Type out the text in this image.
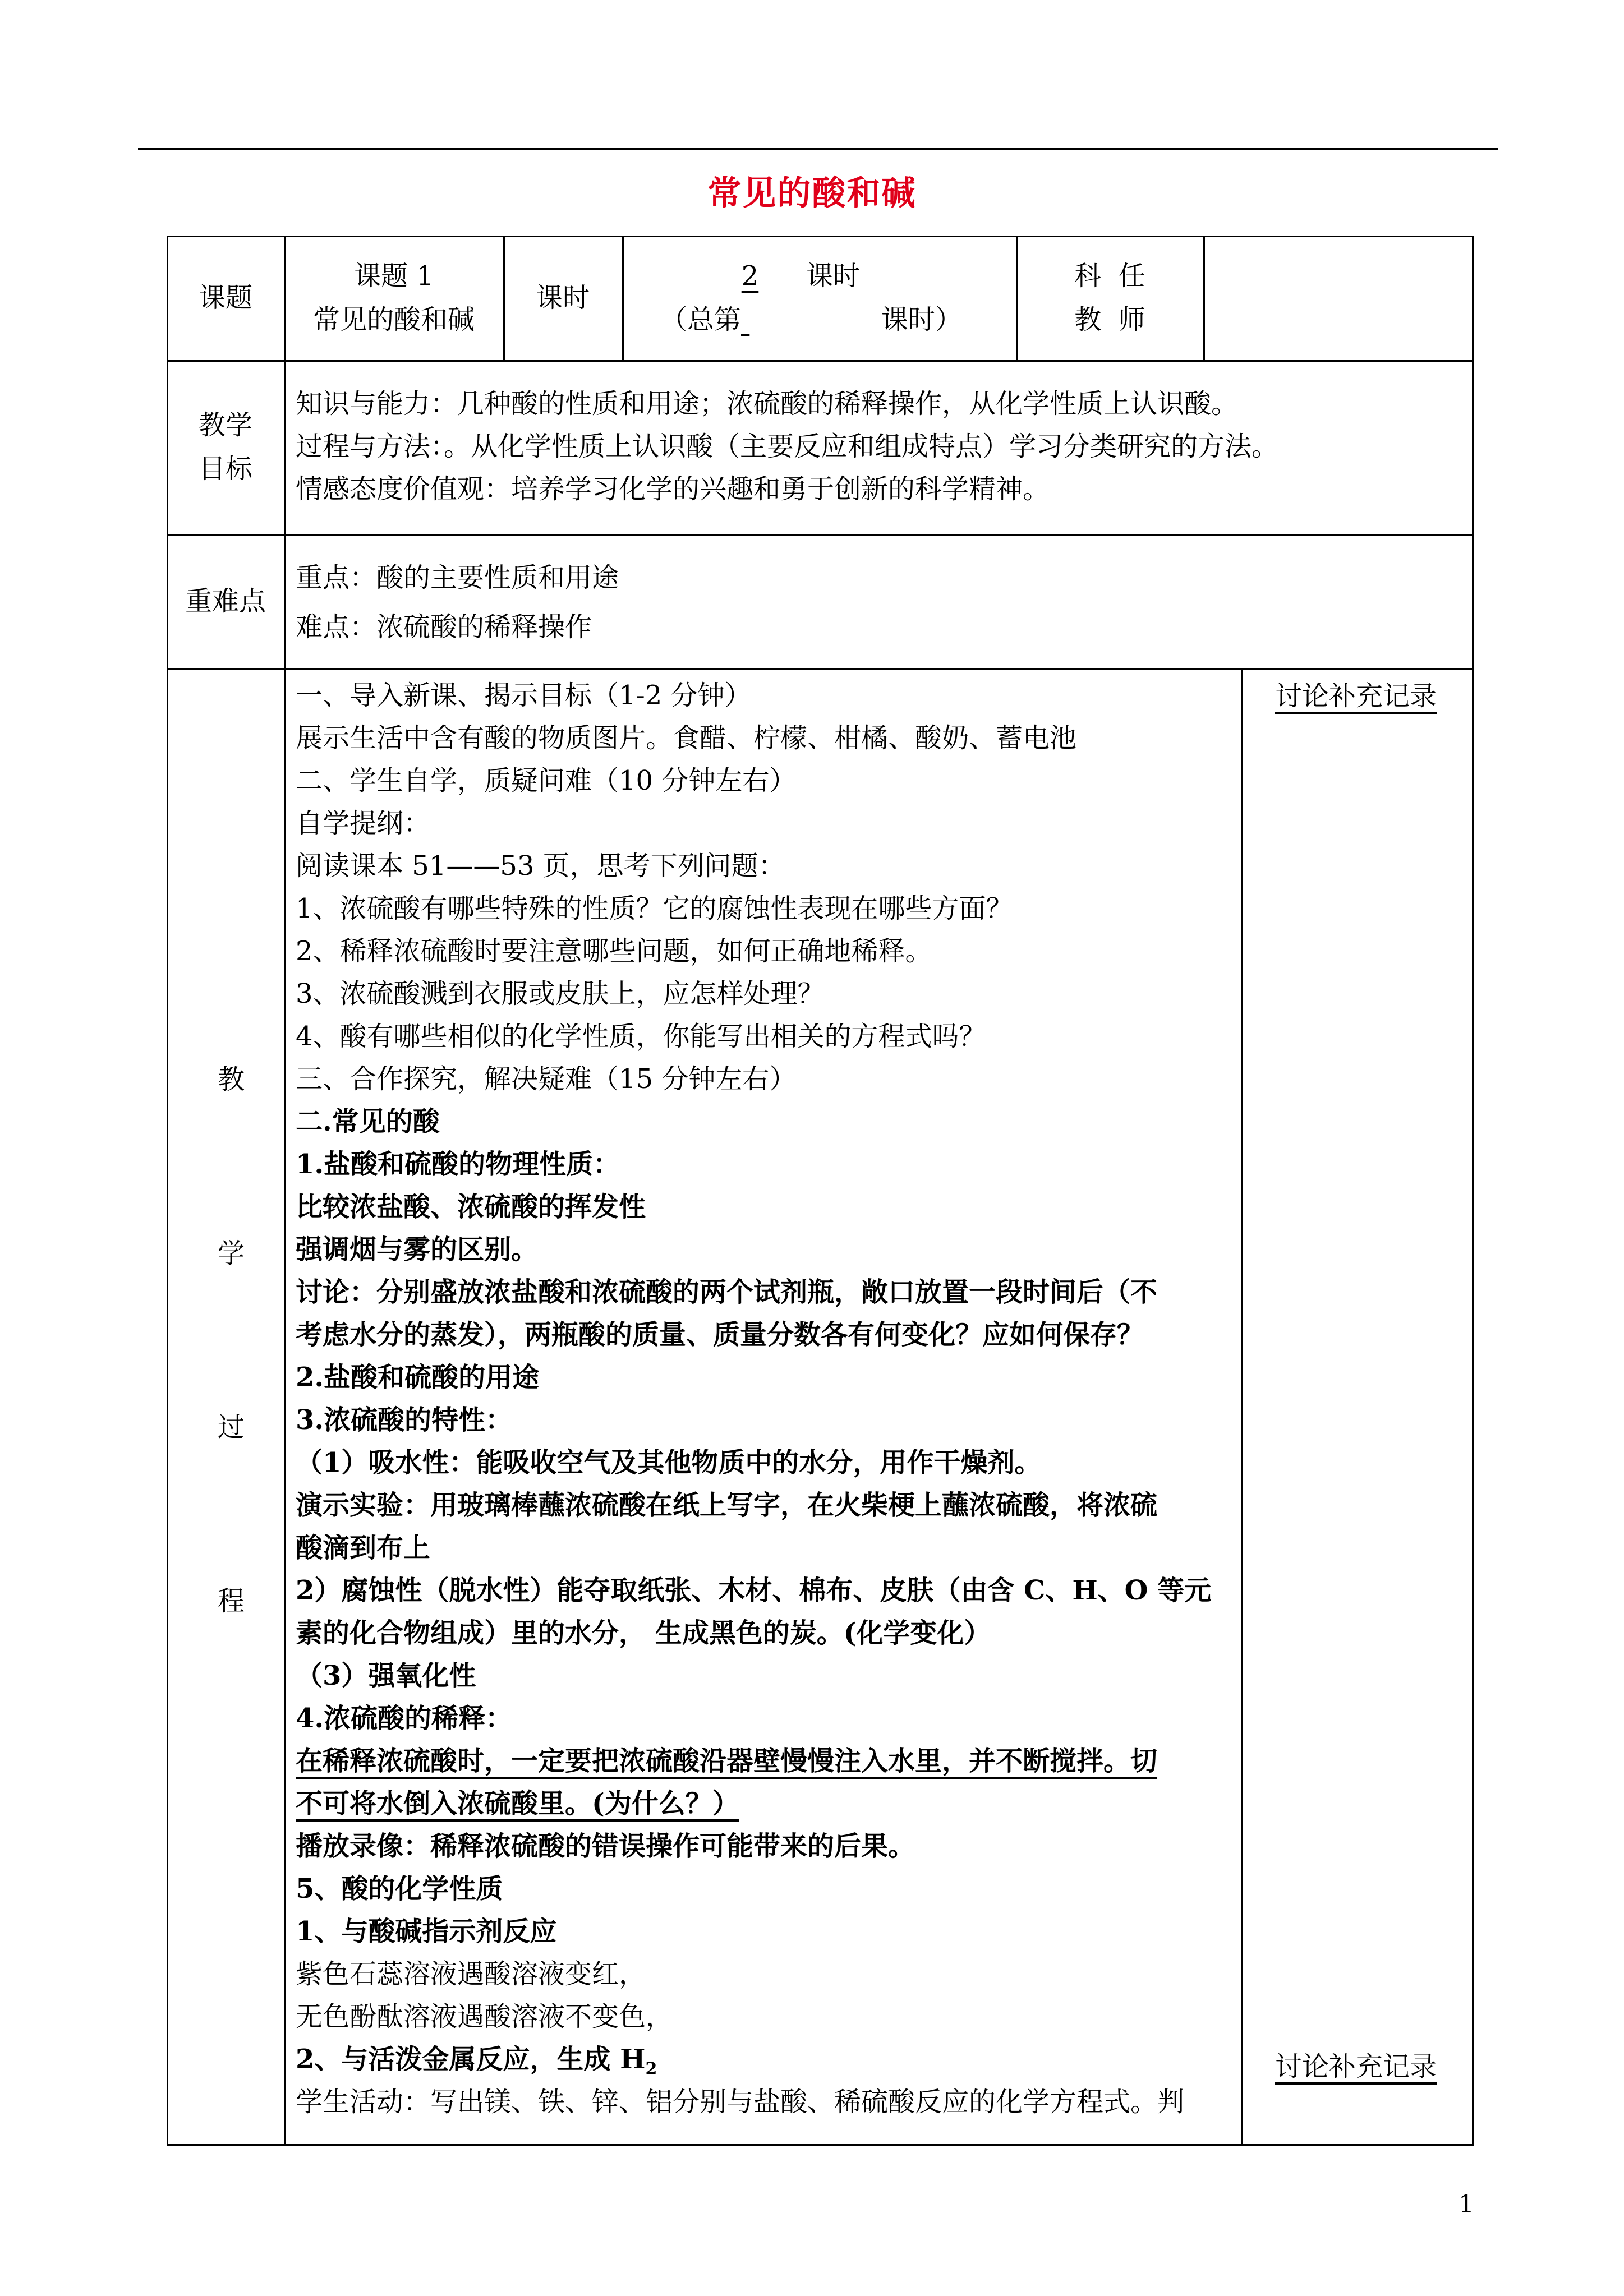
常见的酸和碱
课题
课题 1
常见的酸和碱
课时
2 课时
（总第	课时）
科  任
教  师
教学
目标
知识与能力：几种酸的性质和用途；浓硫酸的稀释操作，从化学性质上认识酸。
过程与方法：。从化学性质上认识酸（主要反应和组成特点）学习分类研究的方法。
情感态度价值观：培养学习化学的兴趣和勇于创新的科学精神。
重难点
重点：酸的主要性质和用途
难点：浓硫酸的稀释操作
教
学
过
程
讨论补充记录
讨论补充记录
一、导入新课、揭示目标（1-2 分钟）
展示生活中含有酸的物质图片。食醋、柠檬、柑橘、酸奶、蓄电池
二、学生自学，质疑问难（10 分钟左右）
自学提纲：
阅读课本 51——53 页，思考下列问题：
1、浓硫酸有哪些特殊的性质？它的腐蚀性表现在哪些方面？
2、稀释浓硫酸时要注意哪些问题，如何正确地稀释。
3、浓硫酸溅到衣服或皮肤上，应怎样处理？
4、酸有哪些相似的化学性质，你能写出相关的方程式吗？
三、合作探究，解决疑难（15 分钟左右）
二.常见的酸
1.盐酸和硫酸的物理性质：
比较浓盐酸、浓硫酸的挥发性
强调烟与雾的区别。
讨论：分别盛放浓盐酸和浓硫酸的两个试剂瓶，敞口放置一段时间后（不
考虑水分的蒸发），两瓶酸的质量、质量分数各有何变化？应如何保存？
2.盐酸和硫酸的用途
3.浓硫酸的特性：
（1）吸水性：能吸收空气及其他物质中的水分，用作干燥剂。
演示实验：用玻璃棒蘸浓硫酸在纸上写字，在火柴梗上蘸浓硫酸，将浓硫
酸滴到布上
2）腐蚀性（脱水性）能夺取纸张、木材、棉布、皮肤（由含 C、H、O 等元
素的化合物组成）里的水分， 生成黑色的炭。(化学变化）
（3）强氧化性
4.浓硫酸的稀释：
在稀释浓硫酸时，一定要把浓硫酸沿器壁慢慢注入水里，并不断搅拌。切
不可将水倒入浓硫酸里。(为什么？）
播放录像：稀释浓硫酸的错误操作可能带来的后果。
5、酸的化学性质
1、与酸碱指示剂反应
紫色石蕊溶液遇酸溶液变红，
无色酚酞溶液遇酸溶液不变色，
2、与活泼金属反应，生成 $H_2$
学生活动：写出镁、铁、锌、铝分别与盐酸、稀硫酸反应的化学方程式。判
1
